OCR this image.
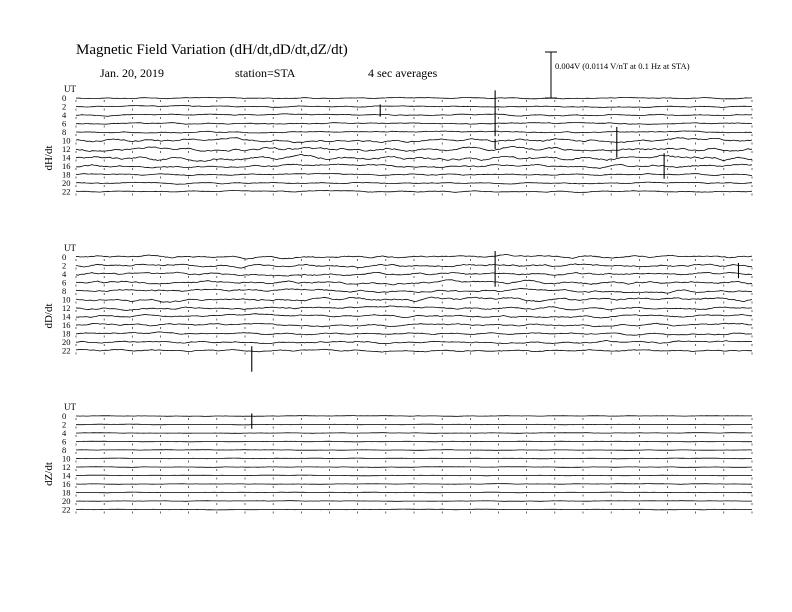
Magnetic Field Variation (dH/dt,dD/dt,dZ/dt)
Jan. 20, 2019	station=STA	4 sec averages	0.004V (0.0114 V/nT at 0.1 Hz at STA)
UT
dH/dt
0
2
4
6
8
10
12
14
16
18
20
22
UT
dD/dt
0
2
4
6
8
10
12
14
16
18
20
22
UT
dZ/dt
0
2
4
6
8
10
12
14
16
18
20
22
